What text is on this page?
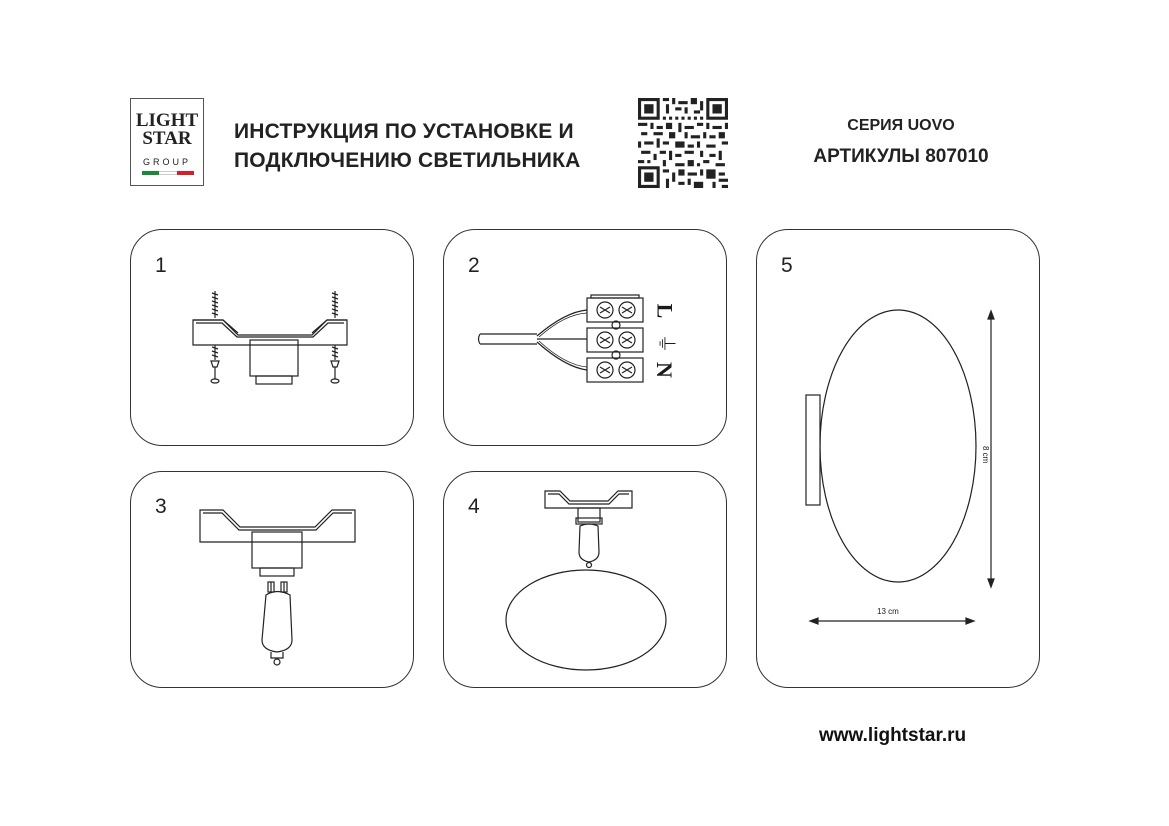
LIGHT
STAR
GROUP
ИНСТРУКЦИЯ ПО УСТАНОВКЕ И
ПОДКЛЮЧЕНИЮ СВЕТИЛЬНИКА
СЕРИЯ UOVO
АРТИКУЛЫ 807010
1	2
L
⏚
N
3	4
5
8 cm
13 cm
www.lightstar.ru
